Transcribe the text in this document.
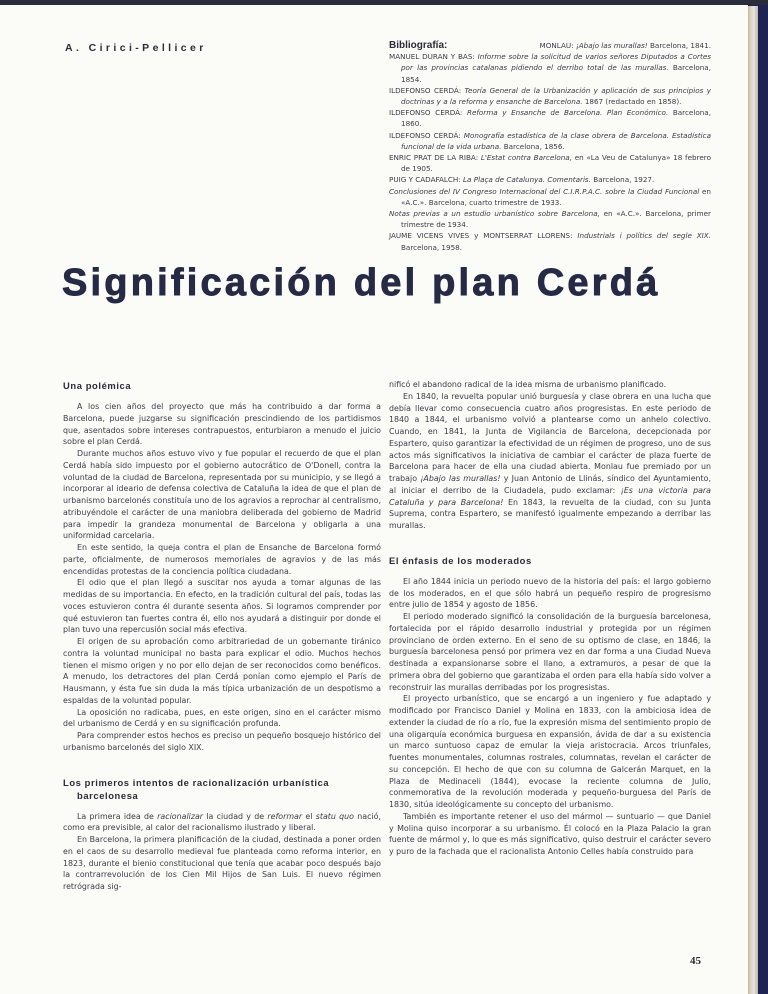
A. Cirici-Pellicer	Bibliografía:	MONLAU: ¡Abajo las murallas! Barcelona, 1841.

MANUEL DURAN Y BAS: Informe sobre la solicitud de varios señores Diputados a Cortes por las provincias catalanas pidiendo el derribo total de las murallas. Barcelona, 1854.

ILDEFONSO CERDÁ: Teoría General de la Urbanización y aplicación de sus principios y doctrinas y a la reforma y ensanche de Barcelona. 1867 (redactado en 1858).

ILDEFONSO CERDÁ: Reforma y Ensanche de Barcelona. Plan Económico. Barcelona, 1860.

ILDEFONSO CERDÁ: Monografía estadística de la clase obrera de Barcelona. Estadística funcional de la vida urbana. Barcelona, 1856.

ENRIC PRAT DE LA RIBA: L'Estat contra Barcelona, en «La Veu de Catalunya» 18 febrero de 1905.

PUIG Y CADAFALCH: La Plaça de Catalunya. Comentaris. Barcelona, 1927.

Conclusiones del IV Congreso Internacional del C.I.R.P.A.C. sobre la Ciudad Funcional en «A.C.». Barcelona, cuarto trimestre de 1933.

Notas previas a un estudio urbanístico sobre Barcelona, en «A.C.». Barcelona, primer trimestre de 1934.

JAUME VICENS VIVES y MONTSERRAT LLORENS: Industrials i polítics del segle XIX. Barcelona, 1958.

Significación del plan Cerdá
Una polémica

A los cien años del proyecto que más ha contribuido a dar forma a Barcelona, puede juzgarse su significación prescindiendo de los partidismos que, asentados sobre intereses contrapuestos, enturbiaron a menudo el juicio sobre el plan Cerdá.

Durante muchos años estuvo vivo y fue popular el recuerdo de que el plan Cerdá había sido impuesto por el gobierno autocrático de O'Donell, contra la voluntad de la ciudad de Barcelona, representada por su municipio, y se llegó a incorporar al ideario de defensa colectiva de Cataluña la idea de que el plan de urbanismo barcelonés constituía uno de los agravios a reprochar al centralismo, atribuyéndole el carácter de una maniobra deliberada del gobierno de Madrid para impedir la grandeza monumental de Barcelona y obligarla a una uniformidad carcelaria.

En este sentido, la queja contra el plan de Ensanche de Barcelona formó parte, oficialmente, de numerosos memoriales de agravios y de las más encendidas protestas de la conciencia política ciudadana.

El odio que el plan llegó a suscitar nos ayuda a tomar algunas de las medidas de su importancia. En efecto, en la tradición cultural del país, todas las voces estuvieron contra él durante sesenta años. Si logramos comprender por qué estuvieron tan fuertes contra él, ello nos ayudará a distinguir por donde el plan tuvo una repercusión social más efectiva.

El origen de su aprobación como arbitrariedad de un gobernante tiránico contra la voluntad municipal no basta para explicar el odio. Muchos hechos tienen el mismo origen y no por ello dejan de ser reconocidos como benéficos. A menudo, los detractores del plan Cerdá ponían como ejemplo el París de Hausmann, y ésta fue sin duda la más típica urbanización de un despotismo a espaldas de la voluntad popular.

La oposición no radicaba, pues, en este origen, sino en el carácter mismo del urbanismo de Cerdá y en su significación profunda.

Para comprender estos hechos es preciso un pequeño bosquejo histórico del urbanismo barcelonés del siglo XIX.

Los primeros intentos de racionalización urbanística barcelonesa

La primera idea de racionalizar la ciudad y de reformar el statu quo nació, como era previsible, al calor del racionalismo ilustrado y liberal.

En Barcelona, la primera planificación de la ciudad, destinada a poner orden en el caos de su desarrollo medieval fue planteada como reforma interior, en 1823, durante el bienio constitucional que tenía que acabar poco después bajo la contrarrevolución de los Cien Mil Hijos de San Luis. El nuevo régimen retrógrada sig-

nificó el abandono radical de la idea misma de urbanismo planificado.

En 1840, la revuelta popular unió burguesía y clase obrera en una lucha que debía llevar como consecuencia cuatro años progresistas. En este periodo de 1840 a 1844, el urbanismo volvió a plantearse como un anhelo colectivo. Cuando, en 1841, la Junta de Vigilancia de Barcelona, decepcionada por Espartero, quiso garantizar la efectividad de un régimen de progreso, uno de sus actos más significativos la iniciativa de cambiar el carácter de plaza fuerte de Barcelona para hacer de ella una ciudad abierta. Monlau fue premiado por un trabajo ¡Abajo las murallas! y Juan Antonio de Llinás, síndico del Ayuntamiento, al iniciar el derribo de la Ciudadela, pudo exclamar: ¡Es una victoria para Cataluña y para Barcelona! En 1843, la revuelta de la ciudad, con su Junta Suprema, contra Espartero, se manifestó igualmente empezando a derribar las murallas.

El énfasis de los moderados

El año 1844 inicia un periodo nuevo de la historia del país: el largo gobierno de los moderados, en el que sólo habrá un pequeño respiro de progresismo entre julio de 1854 y agosto de 1856.

El periodo moderado significó la consolidación de la burguesía barcelonesa, fortalecida por el rápido desarrollo industrial y protegida por un régimen provinciano de orden externo. En el seno de su optismo de clase, en 1846, la burguesía barcelonesa pensó por primera vez en dar forma a una Ciudad Nueva destinada a expansionarse sobre el llano, a extramuros, a pesar de que la primera obra del gobierno que garantizaba el orden para ella había sido volver a reconstruir las murallas derribadas por los progresistas.

El proyecto urbanístico, que se encargó a un ingeniero y fue adaptado y modificado por Francisco Daniel y Molina en 1833, con la ambiciosa idea de extender la ciudad de río a río, fue la expresión misma del sentimiento propio de una oligarquía económica burguesa en expansión, ávida de dar a su existencia un marco suntuoso capaz de emular la vieja aristocracia. Arcos triunfales, fuentes monumentales, columnas rostrales, columnatas, revelan el carácter de su concepción. El hecho de que con su columna de Galcerán Marquet, en la Plaza de Medinaceli (1844), evocase la reciente columna de Julio, conmemorativa de la revolución moderada y pequeño-burguesa del París de 1830, sitúa ideológicamente su concepto del urbanismo.

También es importante retener el uso del mármol — suntuario — que Daniel y Molina quiso incorporar a su urbanismo. Él colocó en la Plaza Palacio la gran fuente de mármol y, lo que es más significativo, quiso destruir el carácter severo y puro de la fachada que el racionalista Antonio Celles había construido para

45
